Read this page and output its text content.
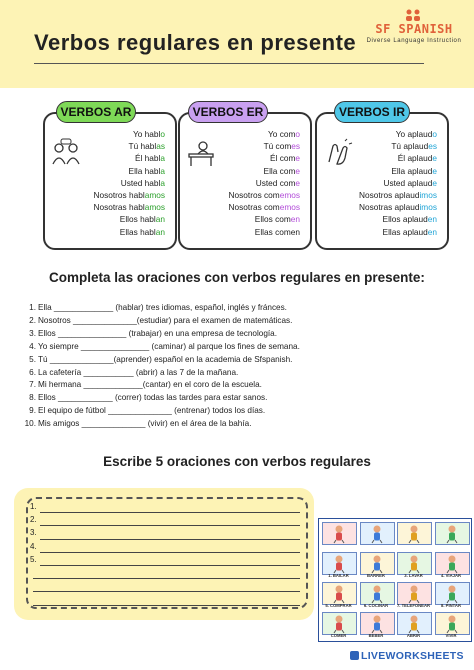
Verbos regulares en presente
SF SPANISH
Diverse Language Instruction
Yo hablo
Tú hablas
Él habla
Ella habla
Usted habla
Nosotros hablamos
Nosotras hablamos
Ellos hablan
Ellas hablan
VERBOS AR
Yo como
Tú comes
Él come
Ella come
Usted come
Nosotros comemos
Nosotras comemos
Ellos comen
Ellas comen
VERBOS ER
Yo aplaudo
Tú aplaudes
Él aplaude
Ella aplaude
Usted aplaude
Nosotros aplaudimos
Nosotras aplaudimos
Ellos aplauden
Ellas aplauden
VERBOS IR
Completa las oraciones con verbos regulares en presente:
1. Ella _____________ (hablar) tres idiomas, español, inglés y fránces.
2. Nosotros ______________(estudiar) para el examen de matemáticas.
3. Ellos _______________ (trabajar) en una empresa de tecnología.
4. Yo siempre _______________ (caminar) al parque los fines de semana.
5. Tú ______________(aprender) español en la academia de Sfspanish.
6. La cafetería ___________ (abrir) a las 7 de la mañana.
7. Mi hermana _____________(cantar) en el coro de la escuela.
8. Ellos ____________ (correr) todas las tardes para estar sanos.
9. El equipo de fútbol ______________ (entrenar) todos los días.
10. Mis amigos ______________ (vivir) en el área de la bahía.
Escribe 5 oraciones con verbos regulares
1.
2.
3.
4.
5.
1. BAILAR	BARRER	3. LAVAR	4. VIAJAR
5. COMPRAR	6. COCINAR	7. TELEFONEAR	8. PINTAR
COMER	BEBER	ABRIR	VIVIR
LIVEWORKSHEETS
